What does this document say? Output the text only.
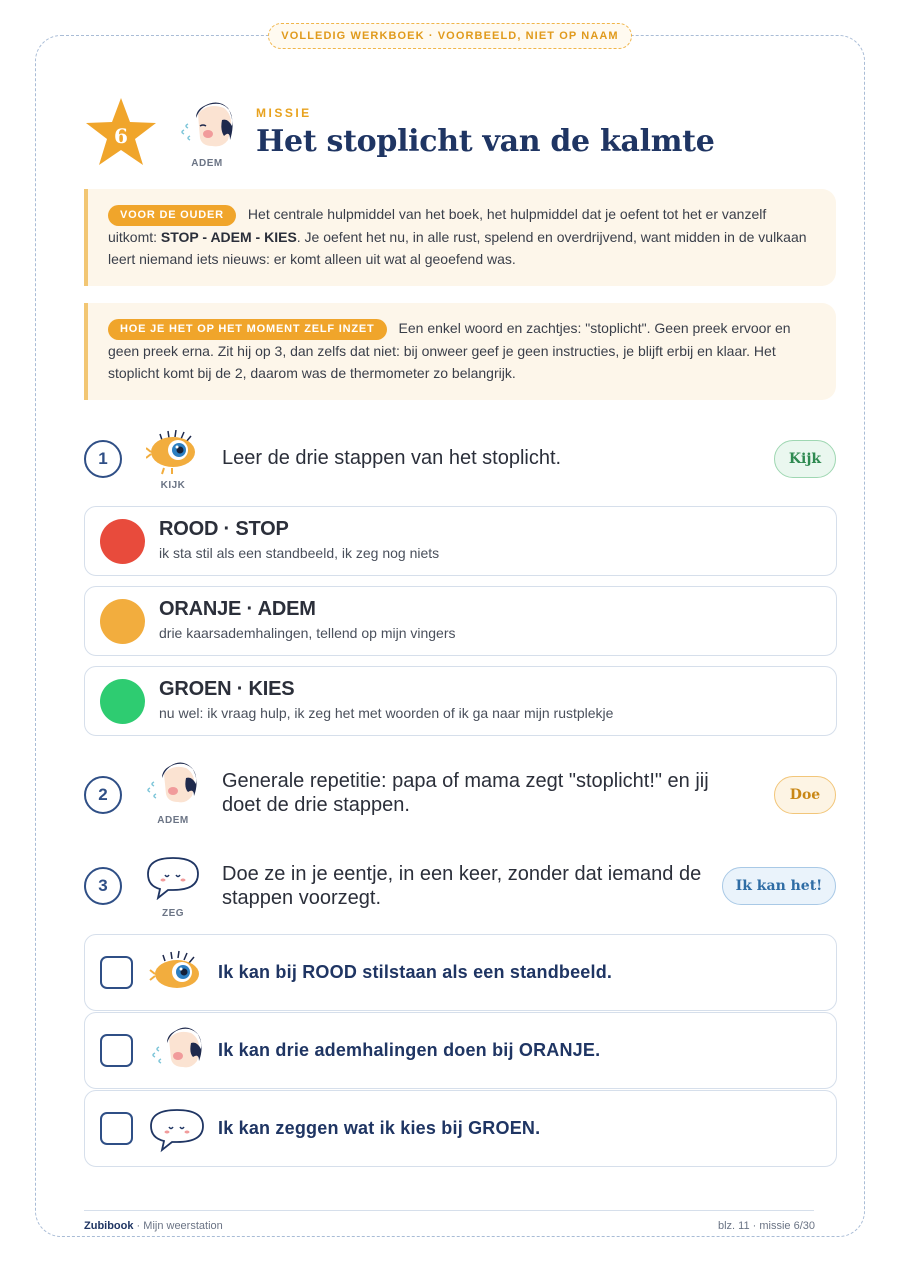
VOLLEDIG WERKBOEK · VOORBEELD, NIET OP NAAM
6
ADEM
MISSIE
Het stoplicht van de kalmte
VOOR DE OUDER Het centrale hulpmiddel van het boek, het hulpmiddel dat je oefent tot het er vanzelf uitkomt: STOP - ADEM - KIES. Je oefent het nu, in alle rust, spelend en overdrijvend, want midden in de vulkaan leert niemand iets nieuws: er komt alleen uit wat al geoefend was.
HOE JE HET OP HET MOMENT ZELF INZET Een enkel woord en zachtjes: "stoplicht". Geen preek ervoor en geen preek erna. Zit hij op 3, dan zelfs dat niet: bij onweer geef je geen instructies, je blijft erbij en klaar. Het stoplicht komt bij de 2, daarom was de thermometer zo belangrijk.
1
KIJK
Leer de drie stappen van het stoplicht.	Kijk
ROOD · STOP
ik sta stil als een standbeeld, ik zeg nog niets
ORANJE · ADEM
drie kaarsademhalingen, tellend op mijn vingers
GROEN · KIES
nu wel: ik vraag hulp, ik zeg het met woorden of ik ga naar mijn rustplekje
2
ADEM
Generale repetitie: papa of mama zegt "stoplicht!" en jij doet de drie stappen.	Doe
3
ZEG
Doe ze in je eentje, in een keer, zonder dat iemand de stappen voorzegt.
Ik kan het!
Ik kan bij ROOD stilstaan als een standbeeld.
Ik kan drie ademhalingen doen bij ORANJE.
Ik kan zeggen wat ik kies bij GROEN.
Zubibook · Mijn weerstation	blz. 11 · missie 6/30
